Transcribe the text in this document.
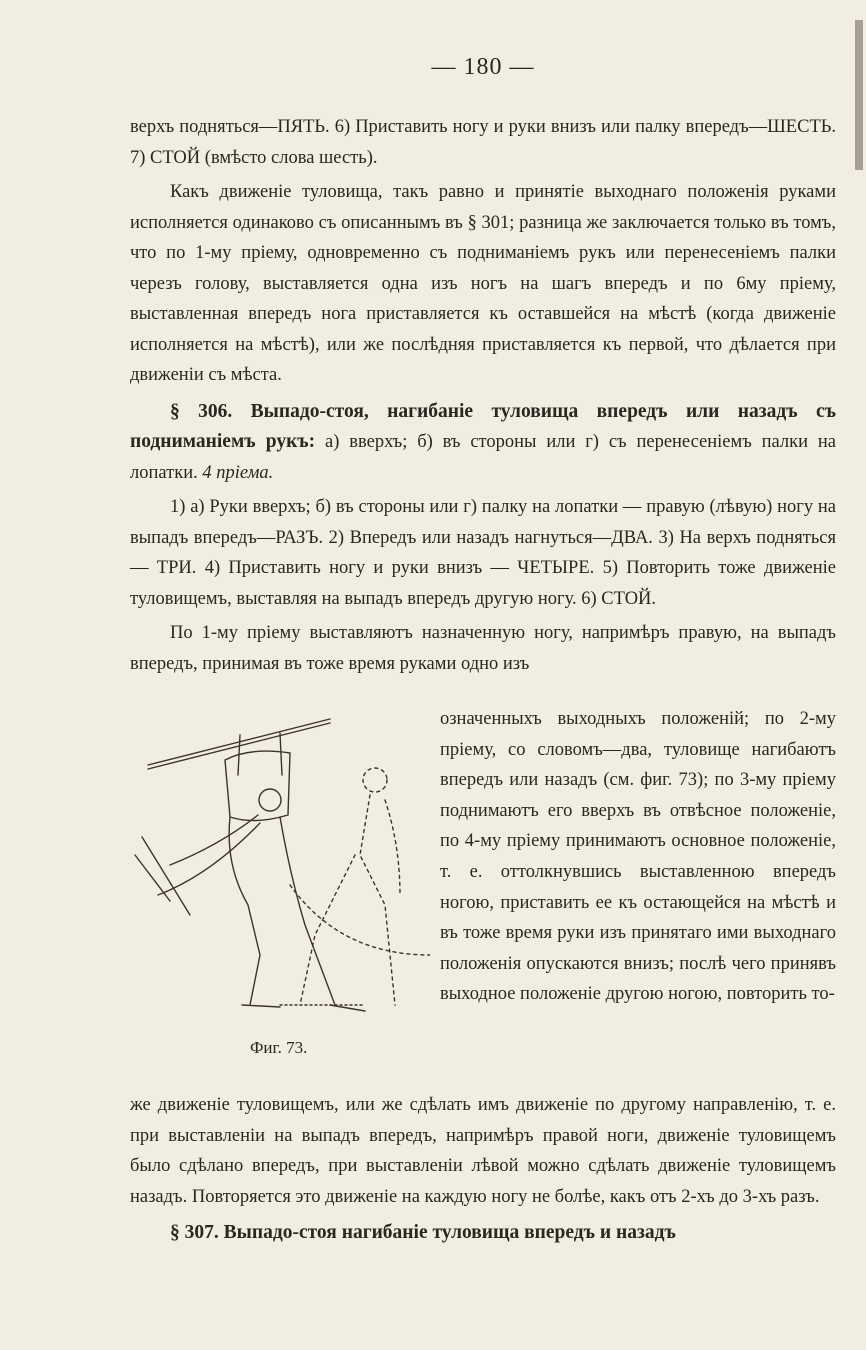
— 180 —

верхъ подняться—ПЯТЬ. 6) Приставить ногу и руки внизъ или палку впередъ—ШЕСТЬ. 7) СТОЙ (вмѣсто слова шесть).

Какъ движеніе туловища, такъ равно и принятіе выходнаго положенія руками исполняется одинаково съ описаннымъ въ § 301; разница же заключается только въ томъ, что по 1-му пріему, одновременно съ подниманіемъ рукъ или перенесеніемъ палки черезъ голову, выставляется одна изъ ногъ на шагъ впередъ и по 6му пріему, выставленная впередъ нога приставляется къ оставшейся на мѣстѣ (когда движеніе исполняется на мѣстѣ), или же послѣдняя приставляется къ первой, что дѣлается при движеніи съ мѣста.

§ 306. Выпадо-стоя, нагибаніе туловища впередъ или назадъ съ подниманіемъ рукъ: а) вверхъ; б) въ стороны или г) съ перенесеніемъ палки на лопатки. 4 пріема.

1) а) Руки вверхъ; б) въ стороны или г) палку на лопатки — правую (лѣвую) ногу на выпадъ впередъ—РАЗЪ. 2) Впередъ или назадъ нагнуться—ДВА. 3) На верхъ подняться — ТРИ. 4) Приставить ногу и руки внизъ — ЧЕТЫРЕ. 5) Повторить тоже движеніе туловищемъ, выставляя на выпадъ впередъ другую ногу. 6) СТОЙ.

По 1-му пріему выставляютъ назначенную ногу, напримѣръ правую, на выпадъ впередъ, принимая въ тоже время руками одно изъ

Фиг. 73.

означенныхъ выходныхъ положеній; по 2-му пріему, со словомъ—два, туловище нагибаютъ впередъ или назадъ (см. фиг. 73); по 3-му пріему поднимаютъ его вверхъ въ отвѣсное положеніе, по 4-му пріему принимаютъ основное положеніе, т. е. оттолкнувшись выставленною впередъ ногою, приставить ее къ остающейся на мѣстѣ и въ тоже время руки изъ принятаго ими выходнаго положенія опускаются внизъ; послѣ чего принявъ выходное положеніе другою ногою, повторить то-

же движеніе туловищемъ, или же сдѣлать имъ движеніе по другому направленію, т. е. при выставленіи на выпадъ впередъ, напримѣръ правой ноги, движеніе туловищемъ было сдѣлано впередъ, при выставленіи лѣвой можно сдѣлать движеніе туловищемъ назадъ. Повторяется это движеніе на каждую ногу не болѣе, какъ отъ 2-хъ до 3-хъ разъ.

§ 307. Выпадо-стоя нагибаніе туловища впередъ и назадъ
